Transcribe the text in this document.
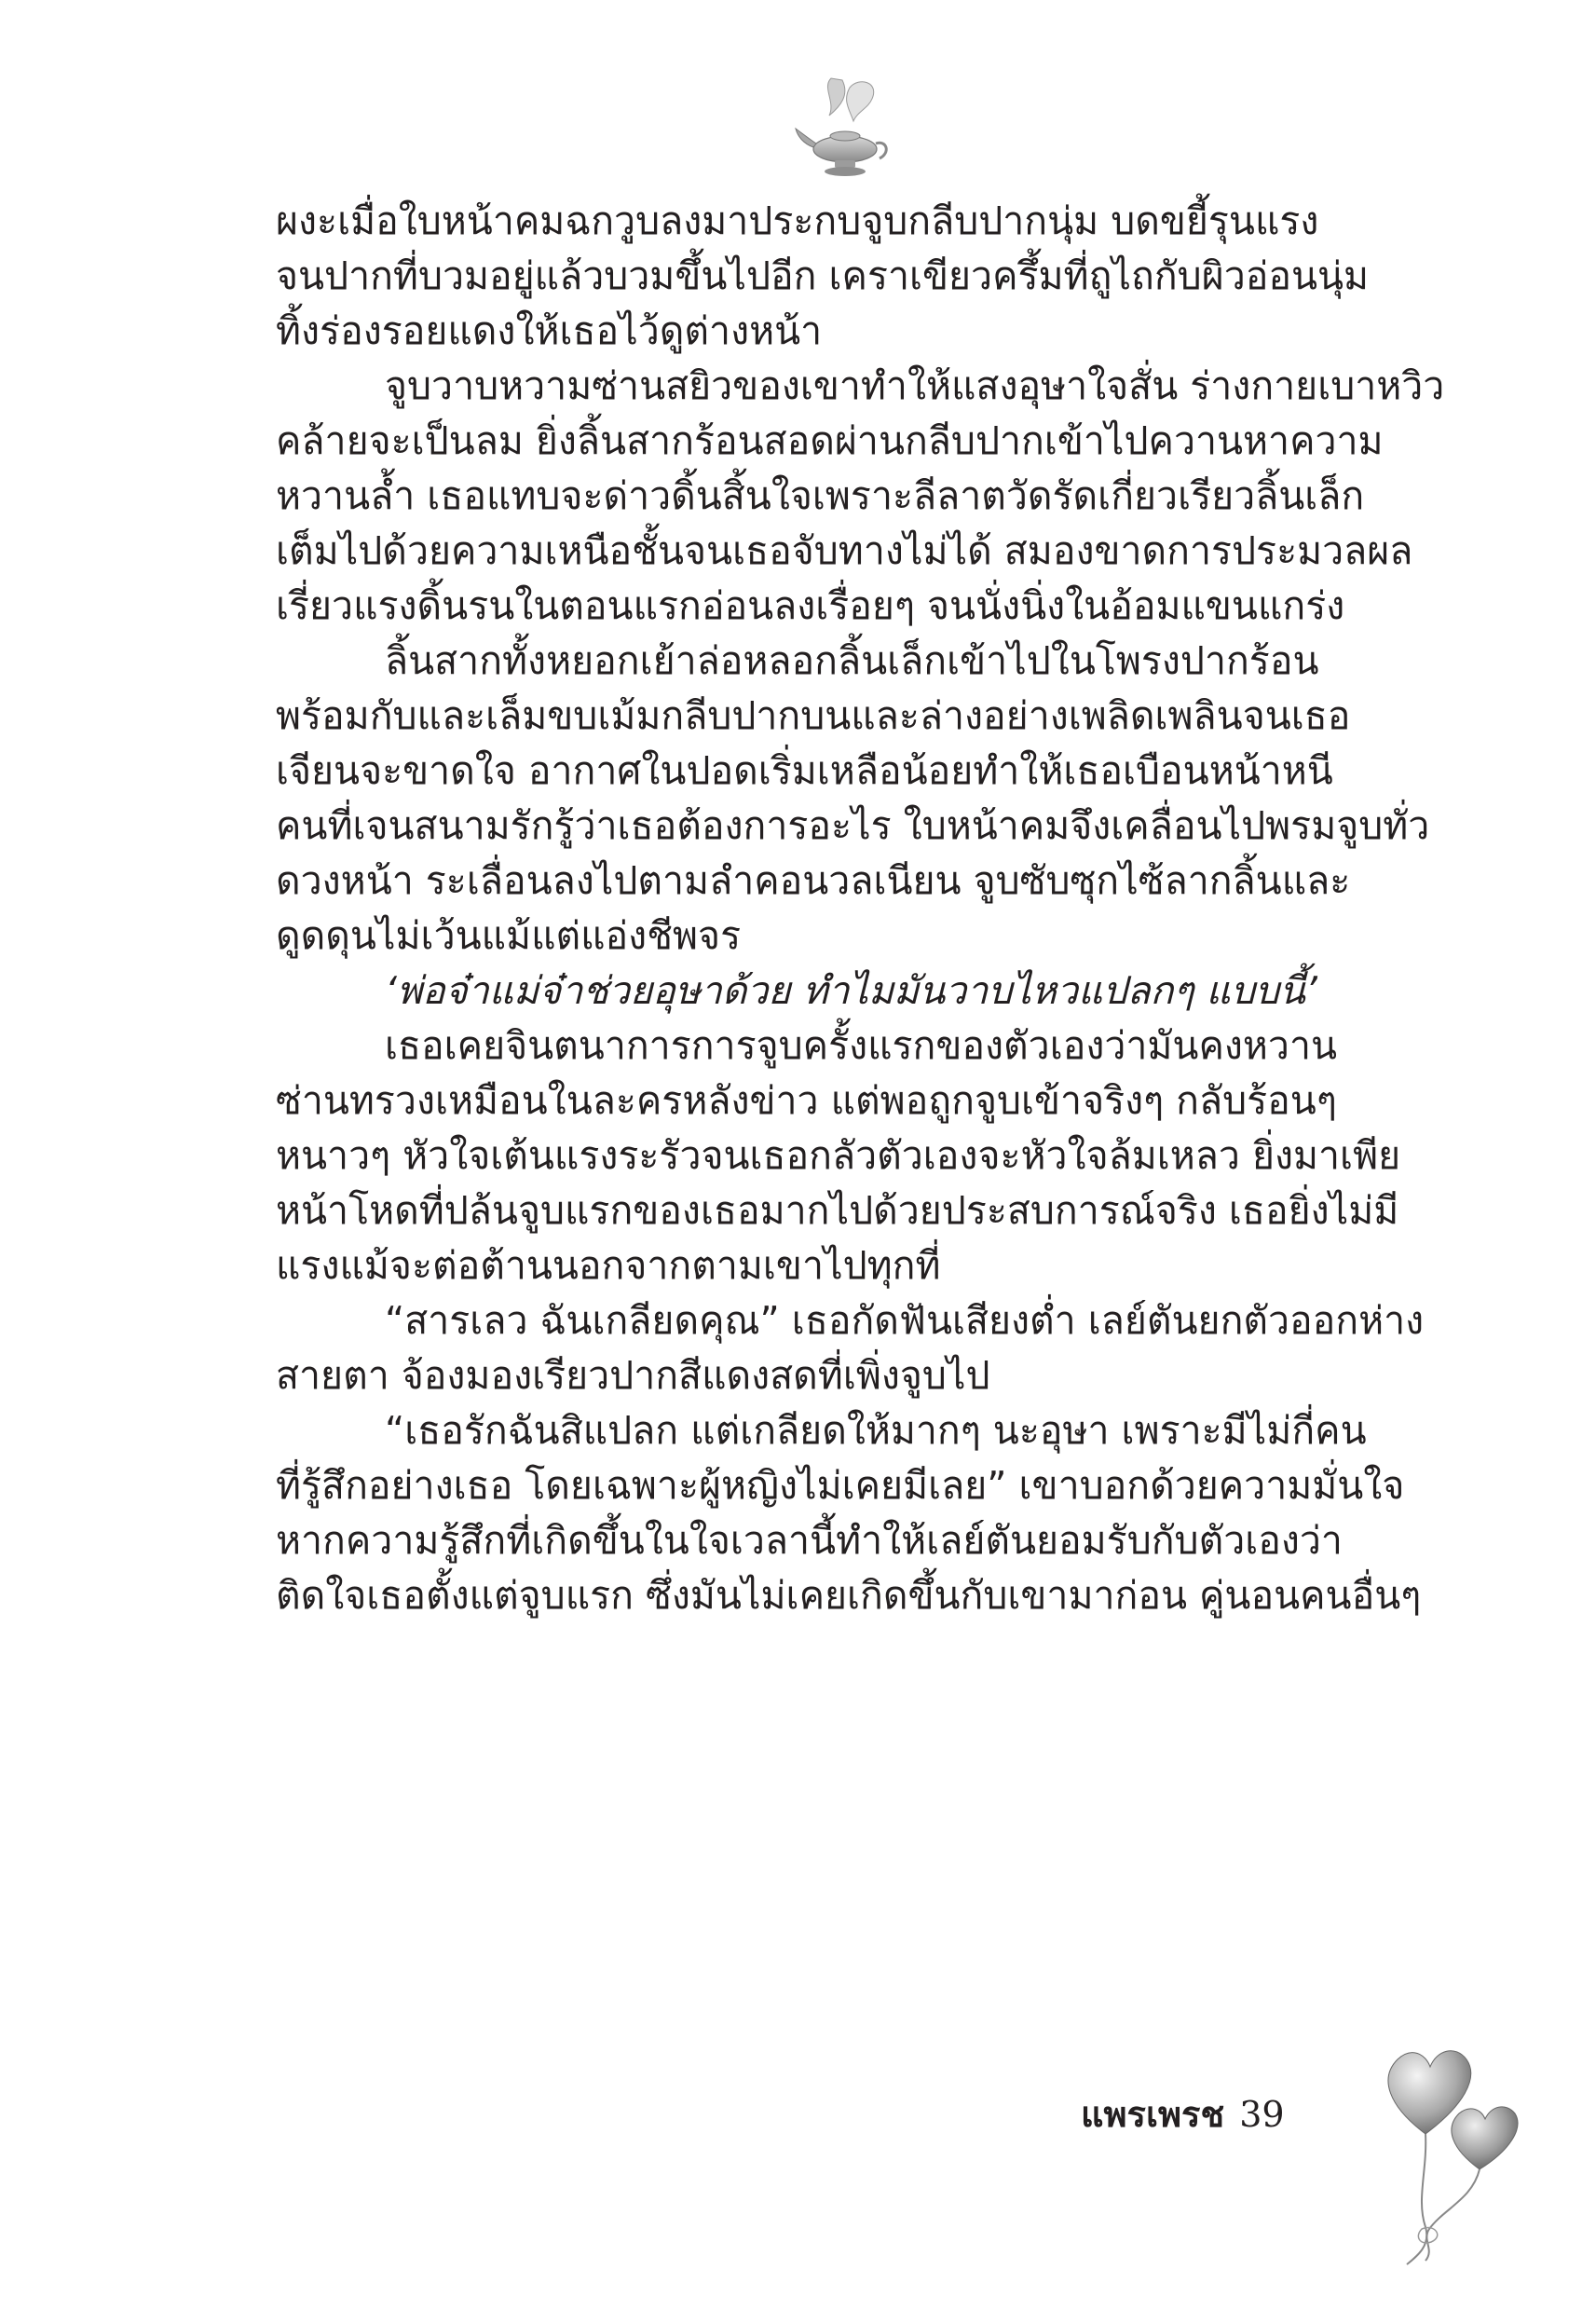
ผงะเมื่อใบหน้าคมฉกวูบลงมาประกบจูบกลีบปากนุ่ม บดขยี้รุนแรง
จนปากที่บวมอยู่แล้วบวมขึ้นไปอีก เคราเขียวครึ้มที่ถูไถกับผิวอ่อนนุ่ม
ทิ้งร่องรอยแดงให้เธอไว้ดูต่างหน้า
จูบวาบหวามซ่านสยิวของเขาทำให้แสงอุษาใจสั่น ร่างกายเบาหวิว
คล้ายจะเป็นลม ยิ่งลิ้นสากร้อนสอดผ่านกลีบปากเข้าไปควานหาความ
หวานล้ำ เธอแทบจะด่าวดิ้นสิ้นใจเพราะลีลาตวัดรัดเกี่ยวเรียวลิ้นเล็ก
เต็มไปด้วยความเหนือชั้นจนเธอจับทางไม่ได้ สมองขาดการประมวลผล
เรี่ยวแรงดิ้นรนในตอนแรกอ่อนลงเรื่อยๆ จนนั่งนิ่งในอ้อมแขนแกร่ง
ลิ้นสากทั้งหยอกเย้าล่อหลอกลิ้นเล็กเข้าไปในโพรงปากร้อน
พร้อมกับและเล็มขบเม้มกลีบปากบนและล่างอย่างเพลิดเพลินจนเธอ
เจียนจะขาดใจ อากาศในปอดเริ่มเหลือน้อยทำให้เธอเบือนหน้าหนี
คนที่เจนสนามรักรู้ว่าเธอต้องการอะไร ใบหน้าคมจึงเคลื่อนไปพรมจูบทั่ว
ดวงหน้า ระเลื่อนลงไปตามลำคอนวลเนียน จูบซับซุกไซ้ลากลิ้นและ
ดูดดุนไม่เว้นแม้แต่แอ่งชีพจร
‘พ่อจ๋าแม่จ๋าช่วยอุษาด้วย ทำไมมันวาบไหวแปลกๆ แบบนี้’
เธอเคยจินตนาการการจูบครั้งแรกของตัวเองว่ามันคงหวาน
ซ่านทรวงเหมือนในละครหลังข่าว แต่พอถูกจูบเข้าจริงๆ กลับร้อนๆ
หนาวๆ หัวใจเต้นแรงระรัวจนเธอกลัวตัวเองจะหัวใจล้มเหลว ยิ่งมาเพีย
หน้าโหดที่ปล้นจูบแรกของเธอมากไปด้วยประสบการณ์จริง เธอยิ่งไม่มี
แรงแม้จะต่อต้านนอกจากตามเขาไปทุกที่
“สารเลว ฉันเกลียดคุณ” เธอกัดฟันเสียงต่ำ เลย์ตันยกตัวออกห่าง
สายตา จ้องมองเรียวปากสีแดงสดที่เพิ่งจูบไป
“เธอรักฉันสิแปลก แต่เกลียดให้มากๆ นะอุษา เพราะมีไม่กี่คน
ที่รู้สึกอย่างเธอ โดยเฉพาะผู้หญิงไม่เคยมีเลย” เขาบอกด้วยความมั่นใจ
หากความรู้สึกที่เกิดขึ้นในใจเวลานี้ทำให้เลย์ตันยอมรับกับตัวเองว่า
ติดใจเธอตั้งแต่จูบแรก ซึ่งมันไม่เคยเกิดขึ้นกับเขามาก่อน คู่นอนคนอื่นๆ
แพรเพรช 39
